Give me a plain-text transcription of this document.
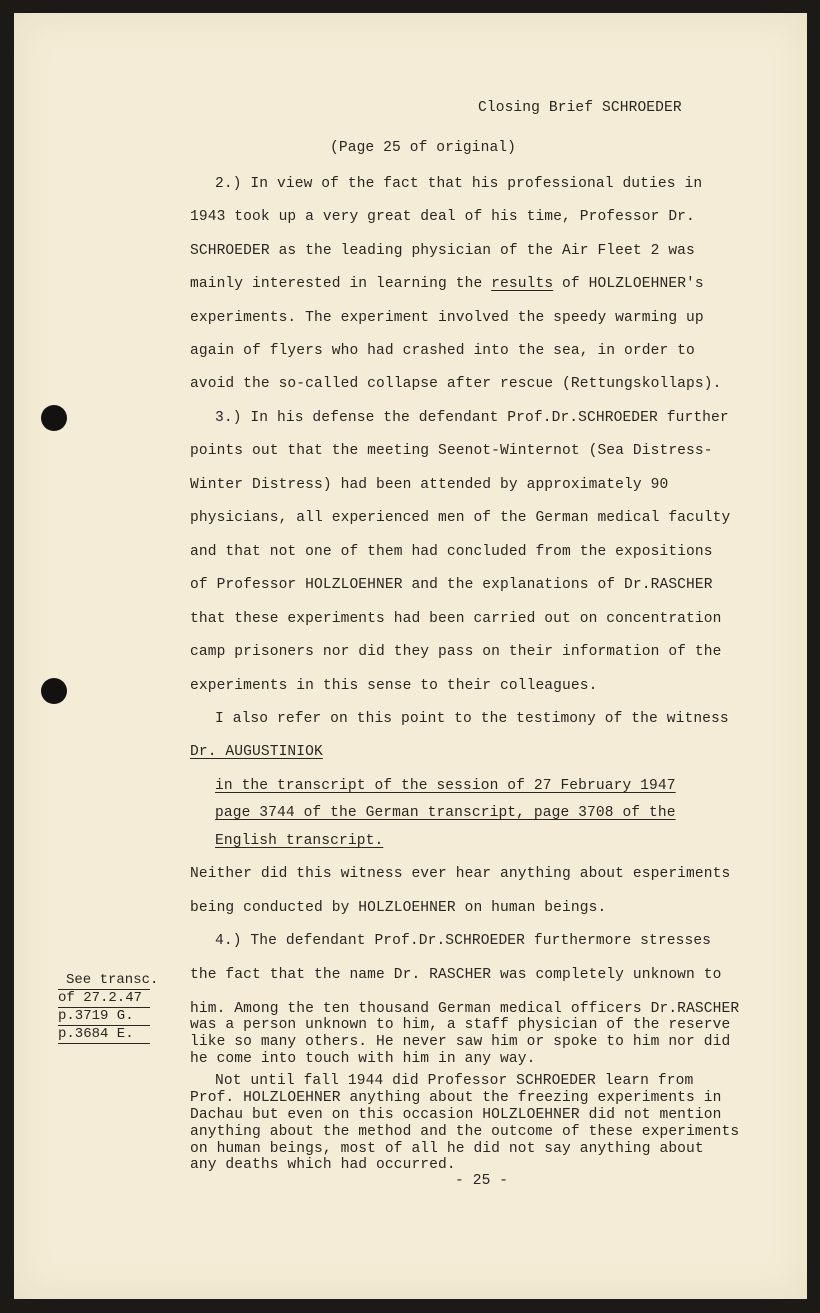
Closing Brief SCHROEDER
(Page 25 of original)
2.) In view of the fact that his professional duties in
1943 took up a very great deal of his time, Professor Dr.
SCHROEDER as the leading physician of the Air Fleet 2 was
mainly interested in learning the results of HOLZLOEHNER's
experiments. The experiment involved the speedy warming up
again of flyers who had crashed into the sea, in order to
avoid the so-called collapse after rescue (Rettungskollaps).
3.) In his defense the defendant Prof.Dr.SCHROEDER further
points out that the meeting Seenot-Winternot (Sea Distress-
Winter Distress) had been attended by approximately 90
physicians, all experienced men of the German medical faculty
and that not one of them had concluded from the expositions
of Professor HOLZLOEHNER and the explanations of Dr.RASCHER
that these experiments had been carried out on concentration
camp prisoners nor did they pass on their information of the
experiments in this sense to their colleagues.
I also refer on this point to the testimony of the witness
Dr. AUGUSTINIOK
in the transcript of the session of 27 February 1947
page 3744 of the German transcript, page 3708 of the
English transcript.
Neither did this witness ever hear anything about esperiments
being conducted by HOLZLOEHNER on human beings.
4.) The defendant Prof.Dr.SCHROEDER furthermore stresses
the fact that the name Dr. RASCHER was completely unknown to
him. Among the ten thousand German medical officers Dr.RASCHER
was a person unknown to him, a staff physician of the reserve
like so many others. He never saw him or spoke to him nor did
he come into touch with him in any way.
Not until fall 1944 did Professor SCHROEDER learn from
Prof. HOLZLOEHNER anything about the freezing experiments in
Dachau but even on this occasion HOLZLOEHNER did not mention
anything about the method and the outcome of these experiments
on human beings, most of all he did not say anything about
any deaths which had occurred.
See transc.
of 27.2.47
p.3719 G.
p.3684 E.
- 25 -
